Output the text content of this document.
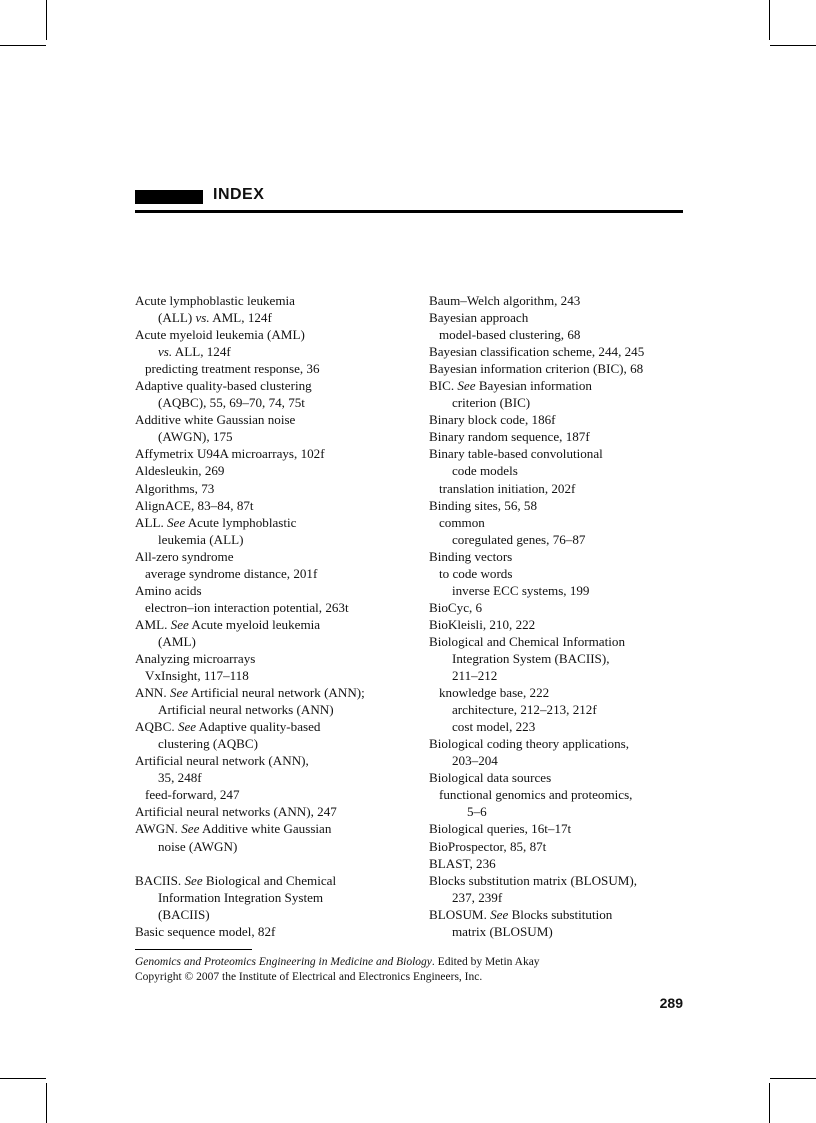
INDEX
Acute lymphoblastic leukemia
(ALL) vs. AML, 124f
Acute myeloid leukemia (AML)
vs. ALL, 124f
predicting treatment response, 36
Adaptive quality-based clustering
(AQBC), 55, 69–70, 74, 75t
Additive white Gaussian noise
(AWGN), 175
Affymetrix U94A microarrays, 102f
Aldesleukin, 269
Algorithms, 73
AlignACE, 83–84, 87t
ALL. See Acute lymphoblastic
leukemia (ALL)
All-zero syndrome
average syndrome distance, 201f
Amino acids
electron–ion interaction potential, 263t
AML. See Acute myeloid leukemia
(AML)
Analyzing microarrays
VxInsight, 117–118
ANN. See Artificial neural network (ANN);
Artificial neural networks (ANN)
AQBC. See Adaptive quality-based
clustering (AQBC)
Artificial neural network (ANN),
35, 248f
feed-forward, 247
Artificial neural networks (ANN), 247
AWGN. See Additive white Gaussian
noise (AWGN)
BACIIS. See Biological and Chemical
Information Integration System
(BACIIS)
Basic sequence model, 82f
Baum–Welch algorithm, 243
Bayesian approach
model-based clustering, 68
Bayesian classification scheme, 244, 245
Bayesian information criterion (BIC), 68
BIC. See Bayesian information
criterion (BIC)
Binary block code, 186f
Binary random sequence, 187f
Binary table-based convolutional
code models
translation initiation, 202f
Binding sites, 56, 58
common
coregulated genes, 76–87
Binding vectors
to code words
inverse ECC systems, 199
BioCyc, 6
BioKleisli, 210, 222
Biological and Chemical Information
Integration System (BACIIS),
211–212
knowledge base, 222
architecture, 212–213, 212f
cost model, 223
Biological coding theory applications,
203–204
Biological data sources
functional genomics and proteomics,
5–6
Biological queries, 16t–17t
BioProspector, 85, 87t
BLAST, 236
Blocks substitution matrix (BLOSUM),
237, 239f
BLOSUM. See Blocks substitution
matrix (BLOSUM)
Genomics and Proteomics Engineering in Medicine and Biology. Edited by Metin Akay
Copyright © 2007 the Institute of Electrical and Electronics Engineers, Inc.
289
